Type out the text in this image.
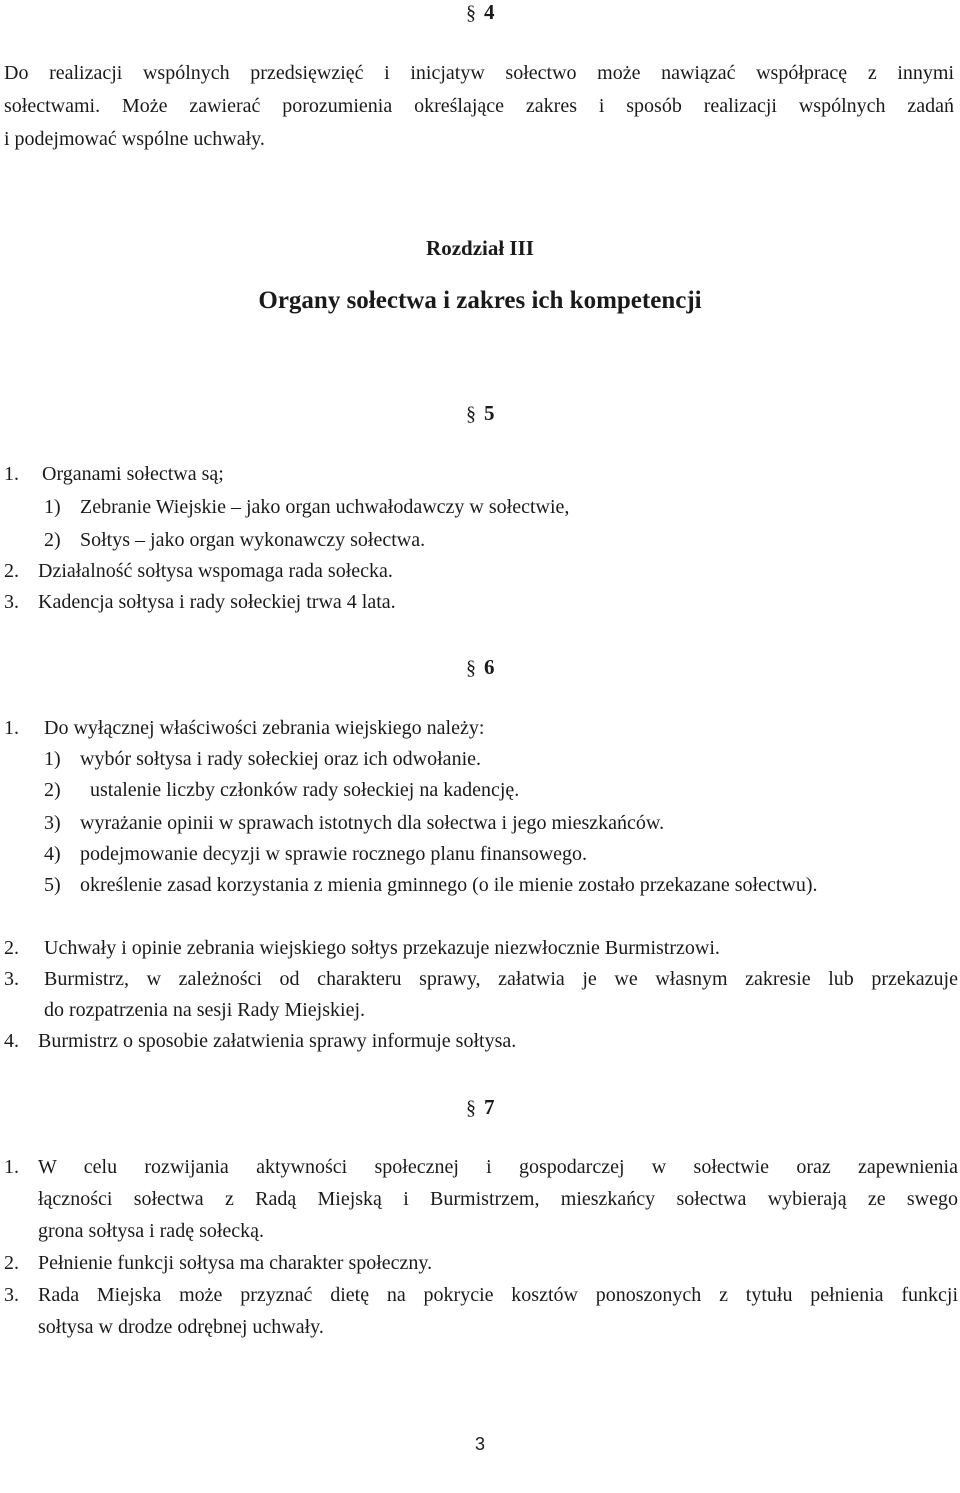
§ 4
Do realizacji wspólnych przedsięwzięć i inicjatyw sołectwo może nawiązać współpracę z innymi
sołectwami. Może zawierać porozumienia określające zakres i sposób realizacji wspólnych zadań
i podejmować wspólne uchwały.
Rozdział III
Organy sołectwa i zakres ich kompetencji
§ 5
1. Organami sołectwa są;
1) Zebranie Wiejskie – jako organ uchwałodawczy w sołectwie,
2) Sołtys – jako organ wykonawczy sołectwa.
2. Działalność sołtysa wspomaga rada sołecka.
3. Kadencja sołtysa i rady sołeckiej trwa 4 lata.
§ 6
1. Do wyłącznej właściwości zebrania wiejskiego należy:
1) wybór sołtysa i rady sołeckiej oraz ich odwołanie.
2) ustalenie liczby członków rady sołeckiej na kadencję.
3) wyrażanie opinii w sprawach istotnych dla sołectwa i jego mieszkańców.
4) podejmowanie decyzji w sprawie rocznego planu finansowego.
5) określenie zasad korzystania z mienia gminnego (o ile mienie zostało przekazane sołectwu).
2. Uchwały i opinie zebrania wiejskiego sołtys przekazuje niezwłocznie Burmistrzowi.
3.	Burmistrz, w zależności od charakteru sprawy, załatwia je we własnym zakresie lub przekazuje
do rozpatrzenia na sesji Rady Miejskiej.
4. Burmistrz o sposobie załatwienia sprawy informuje sołtysa.
§ 7
1. W celu rozwijania aktywności społecznej i gospodarczej w sołectwie oraz zapewnienia
łączności sołectwa z Radą Miejską i Burmistrzem, mieszkańcy sołectwa wybierają ze swego
grona sołtysa i radę sołecką.
2. Pełnienie funkcji sołtysa ma charakter społeczny.
3. Rada Miejska może przyznać dietę na pokrycie kosztów ponoszonych z tytułu pełnienia funkcji
sołtysa w drodze odrębnej uchwały.
3
